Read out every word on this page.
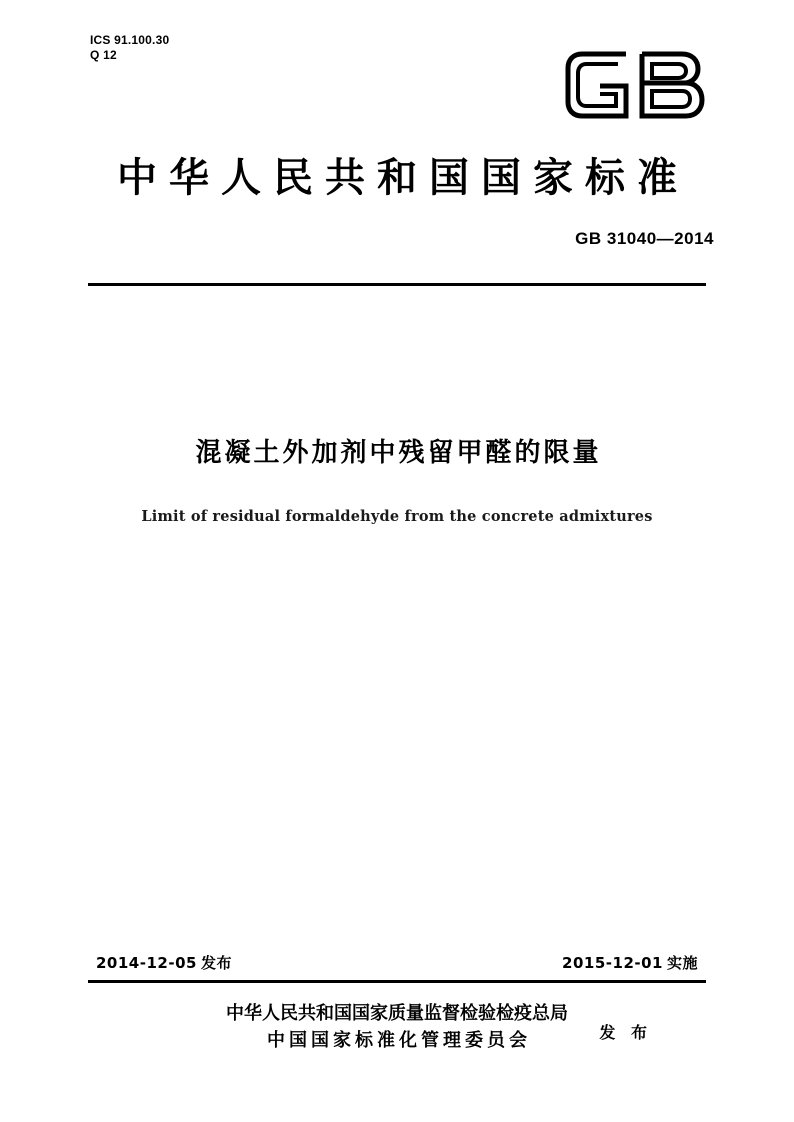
ICS 91.100.30
Q 12
中华人民共和国国家标准
GB 31040—2014
混凝土外加剂中残留甲醛的限量
Limit of residual formaldehyde from the concrete admixtures
2014-12-05 发布	2015-12-01 实施
中华人民共和国国家质量监督检验检疫总局
中国国家标准化管理委员会	发 布
